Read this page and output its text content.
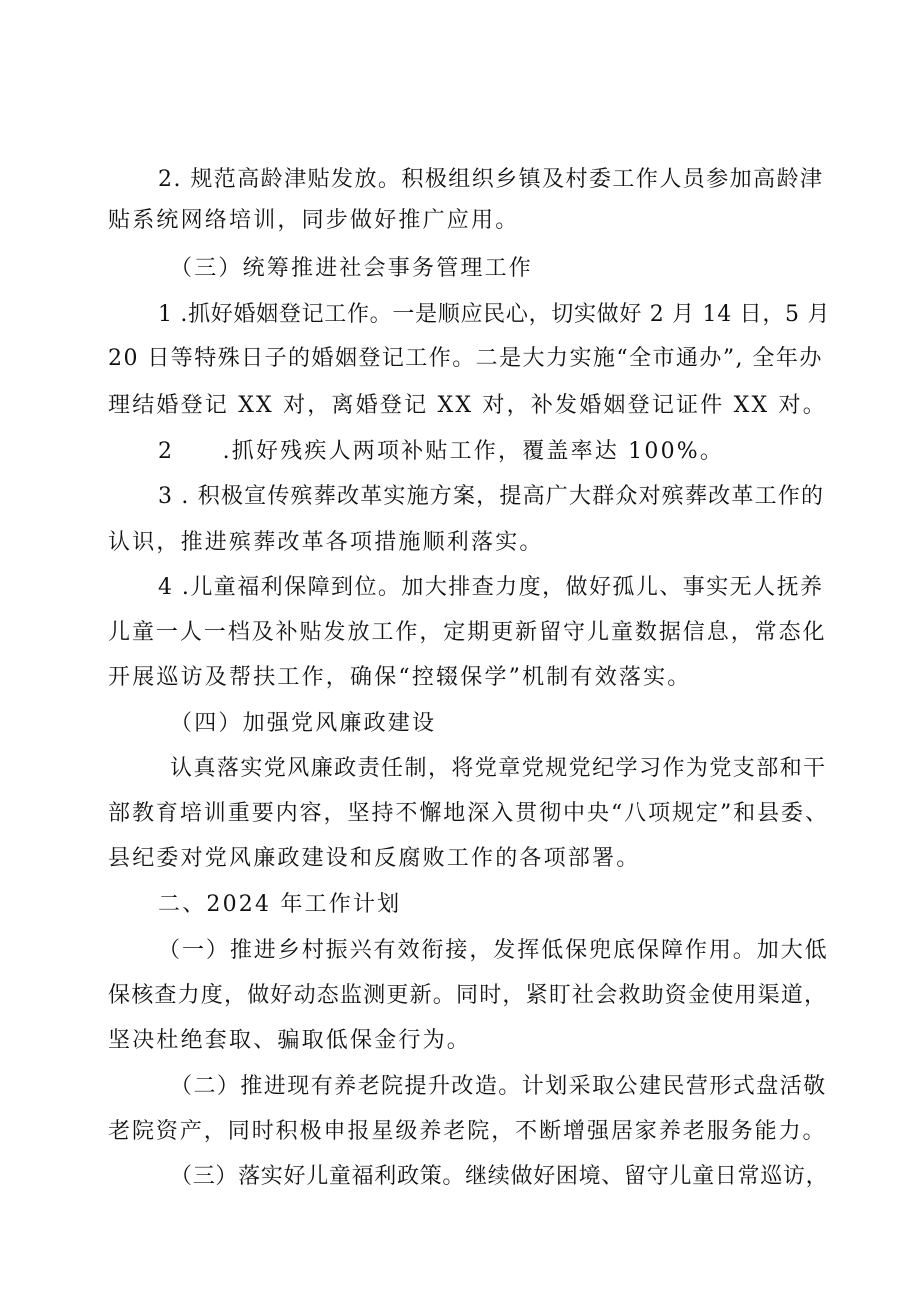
2. 规范高龄津贴发放。积极组织乡镇及村委工作人员参加高龄津
贴系统网络培训，同步做好推广应用。
（三）统筹推进社会事务管理工作
1 .抓好婚姻登记工作。一是顺应民心，切实做好 2 月 14 日，5 月
20 日等特殊日子的婚姻登记工作。二是大力实施“全市通办”, 全年办
理结婚登记 XX 对，离婚登记 XX 对，补发婚姻登记证件 XX 对。
2　　.抓好残疾人两项补贴工作，覆盖率达 100%。
3 . 积极宣传殡葬改革实施方案，提高广大群众对殡葬改革工作的
认识，推进殡葬改革各项措施顺利落实。
4 .儿童福利保障到位。加大排查力度，做好孤儿、事实无人抚养
儿童一人一档及补贴发放工作，定期更新留守儿童数据信息，常态化
开展巡访及帮扶工作，确保“控辍保学”机制有效落实。
（四）加强党风廉政建设
认真落实党风廉政责任制，将党章党规党纪学习作为党支部和干
部教育培训重要内容，坚持不懈地深入贯彻中央“八项规定”和县委、
县纪委对党风廉政建设和反腐败工作的各项部署。
二、2024 年工作计划
（一）推进乡村振兴有效衔接，发挥低保兜底保障作用。加大低
保核查力度，做好动态监测更新。同时，紧盯社会救助资金使用渠道，
坚决杜绝套取、骗取低保金行为。
（二）推进现有养老院提升改造。计划采取公建民营形式盘活敬
老院资产，同时积极申报星级养老院，不断增强居家养老服务能力。
（三）落实好儿童福利政策。继续做好困境、留守儿童日常巡访，
